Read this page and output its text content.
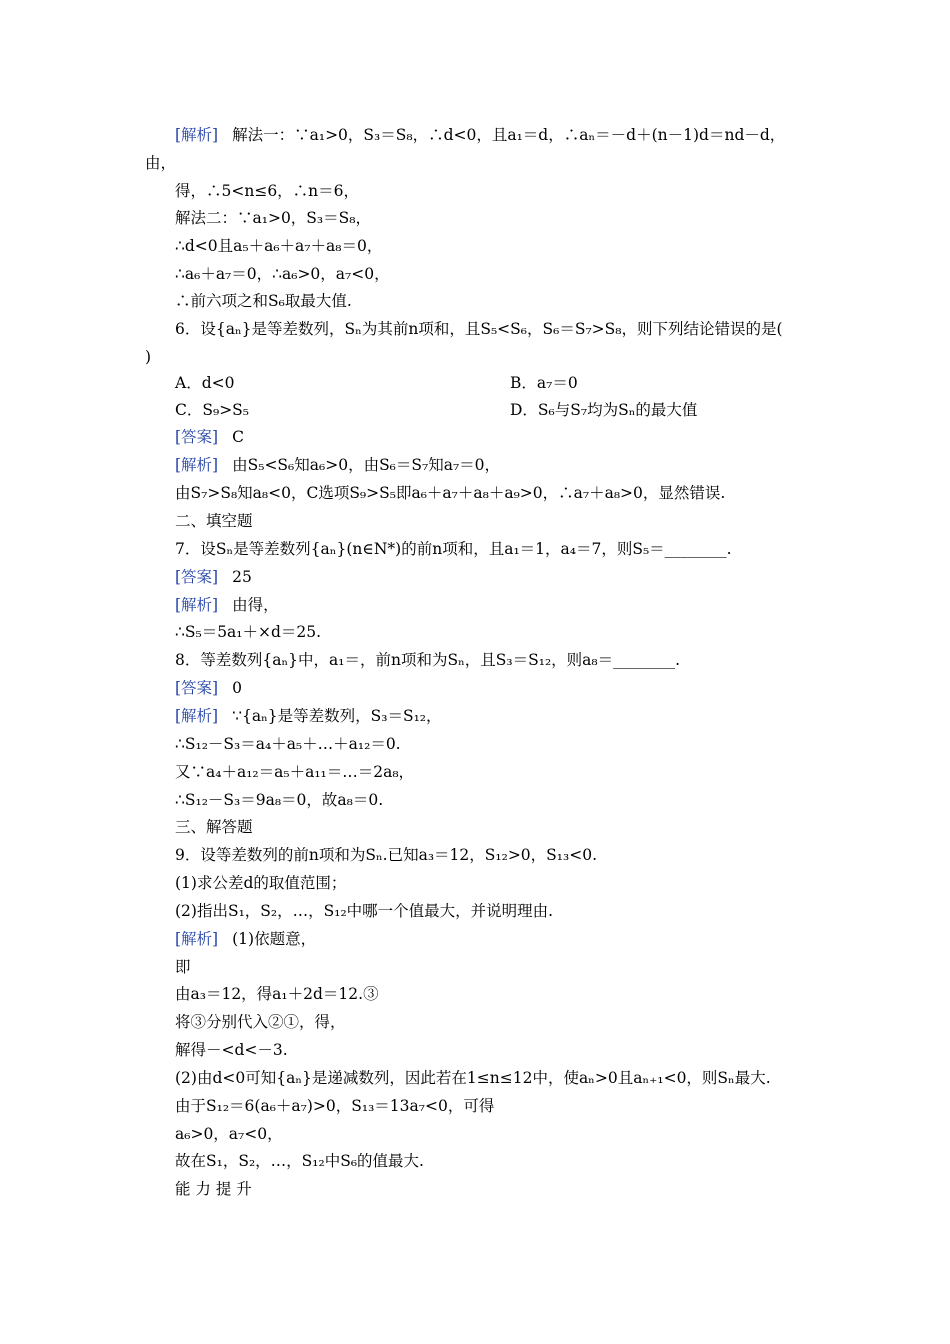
[解析] 解法一：∵a₁>0，S₃＝S₈，∴d<0，且a₁＝d，∴aₙ＝－d＋(n－1)d＝nd－d，
由，
得，∴5<n≤6，∴n＝6，
解法二：∵a₁>0，S₃＝S₈，
∴d<0且a₅＋a₆＋a₇＋a₈＝0，
∴a₆＋a₇＝0，∴a₆>0，a₇<0，
∴前六项之和S₆取最大值.
6．设{aₙ}是等差数列，Sₙ为其前n项和，且S₅<S₆，S₆＝S₇>S₈，则下列结论错误的是(
)
A．d<0	B．a₇＝0
C．S₉>S₅	D．S₆与S₇均为Sₙ的最大值
[答案] C
[解析] 由S₅<S₆知a₆>0，由S₆＝S₇知a₇＝0，
由S₇>S₈知a₈<0，C选项S₉>S₅即a₆＋a₇＋a₈＋a₉>0，∴a₇＋a₈>0，显然错误.
二、填空题
7．设Sₙ是等差数列{aₙ}(n∈N*)的前n项和，且a₁＝1，a₄＝7，则S₅＝________.
[答案] 25
[解析] 由得，
∴S₅＝5a₁＋×d＝25.
8．等差数列{aₙ}中，a₁＝，前n项和为Sₙ，且S₃＝S₁₂，则a₈＝________.
[答案] 0
[解析] ∵{aₙ}是等差数列，S₃＝S₁₂，
∴S₁₂－S₃＝a₄＋a₅＋…＋a₁₂＝0.
又∵a₄＋a₁₂＝a₅＋a₁₁＝…＝2a₈，
∴S₁₂－S₃＝9a₈＝0，故a₈＝0.
三、解答题
9．设等差数列的前n项和为Sₙ.已知a₃＝12，S₁₂>0，S₁₃<0.
(1)求公差d的取值范围；
(2)指出S₁，S₂，…，S₁₂中哪一个值最大，并说明理由.
[解析] (1)依题意，
即
由a₃＝12，得a₁＋2d＝12.③
将③分别代入②①，得，
解得－<d<－3.
(2)由d<0可知{aₙ}是递减数列，因此若在1≤n≤12中，使aₙ>0且aₙ₊₁<0，则Sₙ最大.
由于S₁₂＝6(a₆＋a₇)>0，S₁₃＝13a₇<0，可得
a₆>0，a₇<0，
故在S₁，S₂，…，S₁₂中S₆的值最大.
能 力 提 升
